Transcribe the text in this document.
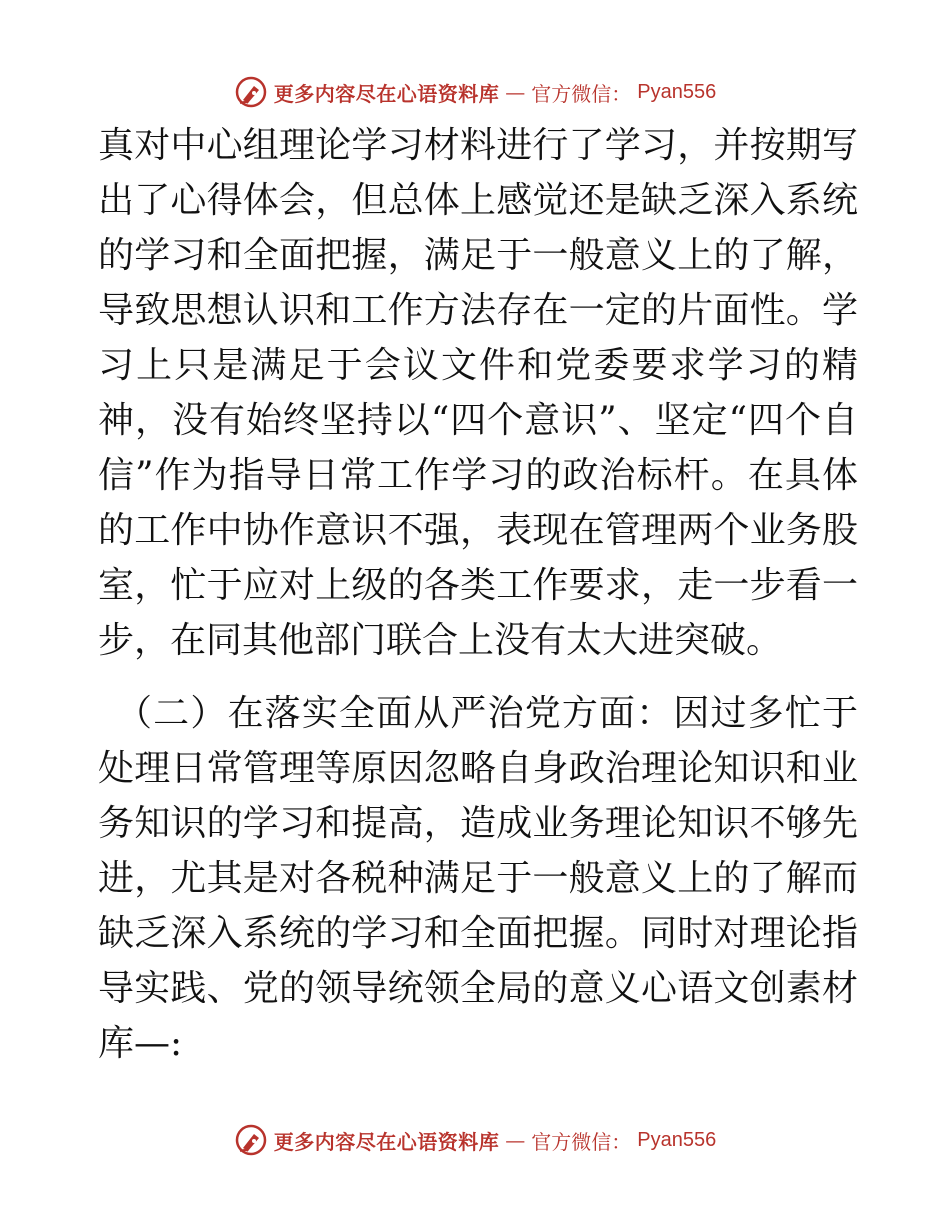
更多内容尽在心语资料库 — 官方微信： Pyan556

真对中心组理论学习材料进行了学习，并按期写出了心得体会，但总体上感觉还是缺乏深入系统的学习和全面把握，满足于一般意义上的了解，导致思想认识和工作方法存在一定的片面性。学习上只是满足于会议文件和党委要求学习的精神，没有始终坚持以“四个意识”、坚定“四个自信”作为指导日常工作学习的政治标杆。在具体的工作中协作意识不强，表现在管理两个业务股室，忙于应对上级的各类工作要求，走一步看一步，在同其他部门联合上没有太大进突破。

（二）在落实全面从严治党方面：因过多忙于处理日常管理等原因忽略自身政治理论知识和业务知识的学习和提高，造成业务理论知识不够先进，尤其是对各税种满足于一般意义上的了解而缺乏深入系统的学习和全面把握。同时对理论指导实践、党的领导统领全局的意义心语文创素材库—:

更多内容尽在心语资料库 — 官方微信： Pyan556
